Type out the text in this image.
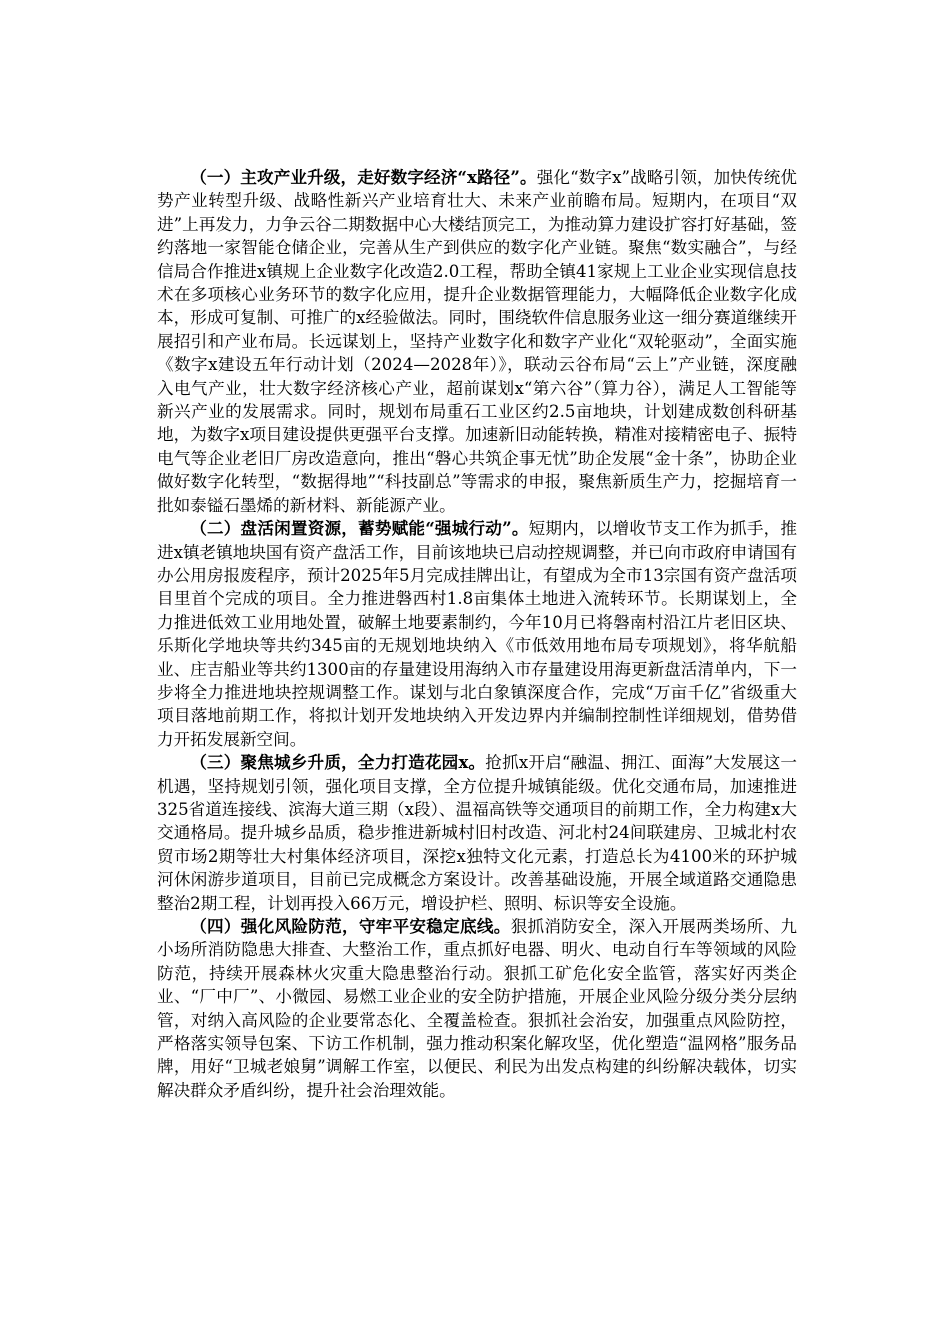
（一）主攻产业升级，走好数字经济“x路径”。强化“数字x”战略引领，加快传统优势产业转型升级、战略性新兴产业培育壮大、未来产业前瞻布局。短期内，在项目“双进”上再发力，力争云谷二期数据中心大楼结顶完工，为推动算力建设扩容打好基础，签约落地一家智能仓储企业，完善从生产到供应的数字化产业链。聚焦“数实融合”，与经信局合作推进x镇规上企业数字化改造2.0工程，帮助全镇41家规上工业企业实现信息技术在多项核心业务环节的数字化应用，提升企业数据管理能力，大幅降低企业数字化成本，形成可复制、可推广的x经验做法。同时，围绕软件信息服务业这一细分赛道继续开展招引和产业布局。长远谋划上，坚持产业数字化和数字产业化“双轮驱动”，全面实施《数字x建设五年行动计划（2024—2028年）》，联动云谷布局“云上”产业链，深度融入电气产业，壮大数字经济核心产业，超前谋划x“第六谷”（算力谷），满足人工智能等新兴产业的发展需求。同时，规划布局重石工业区约2.5亩地块，计划建成数创科研基地，为数字x项目建设提供更强平台支撑。加速新旧动能转换，精准对接精密电子、振特电气等企业老旧厂房改造意向，推出“磐心共筑企事无忧”助企发展“金十条”，协助企业做好数字化转型，“数据得地”“科技副总”等需求的申报，聚焦新质生产力，挖掘培育一批如泰镒石墨烯的新材料、新能源产业。

（二）盘活闲置资源，蓄势赋能“强城行动”。短期内，以增收节支工作为抓手，推进x镇老镇地块国有资产盘活工作，目前该地块已启动控规调整，并已向市政府申请国有办公用房报废程序，预计2025年5月完成挂牌出让，有望成为全市13宗国有资产盘活项目里首个完成的项目。全力推进磐西村1.8亩集体土地进入流转环节。长期谋划上，全力推进低效工业用地处置，破解土地要素制约，今年10月已将磐南村沿江片老旧区块、乐斯化学地块等共约345亩的无规划地块纳入《市低效用地布局专项规划》，将华航船业、庄吉船业等共约1300亩的存量建设用海纳入市存量建设用海更新盘活清单内，下一步将全力推进地块控规调整工作。谋划与北白象镇深度合作，完成“万亩千亿”省级重大项目落地前期工作，将拟计划开发地块纳入开发边界内并编制控制性详细规划，借势借力开拓发展新空间。

（三）聚焦城乡升质，全力打造花园x。抢抓x开启“融温、拥江、面海”大发展这一机遇，坚持规划引领，强化项目支撑，全方位提升城镇能级。优化交通布局，加速推进325省道连接线、滨海大道三期（x段）、温福高铁等交通项目的前期工作，全力构建x大交通格局。提升城乡品质，稳步推进新城村旧村改造、河北村24间联建房、卫城北村农贸市场2期等壮大村集体经济项目，深挖x独特文化元素，打造总长为4100米的环护城河休闲游步道项目，目前已完成概念方案设计。改善基础设施，开展全域道路交通隐患整治2期工程，计划再投入66万元，增设护栏、照明、标识等安全设施。

（四）强化风险防范，守牢平安稳定底线。狠抓消防安全，深入开展两类场所、九小场所消防隐患大排查、大整治工作，重点抓好电器、明火、电动自行车等领域的风险防范，持续开展森林火灾重大隐患整治行动。狠抓工矿危化安全监管，落实好丙类企业、“厂中厂”、小微园、易燃工业企业的安全防护措施，开展企业风险分级分类分层纳管，对纳入高风险的企业要常态化、全覆盖检查。狠抓社会治安，加强重点风险防控，严格落实领导包案、下访工作机制，强力推动积案化解攻坚，优化塑造“温网格”服务品牌，用好“卫城老娘舅”调解工作室，以便民、利民为出发点构建的纠纷解决载体，切实解决群众矛盾纠纷，提升社会治理效能。
